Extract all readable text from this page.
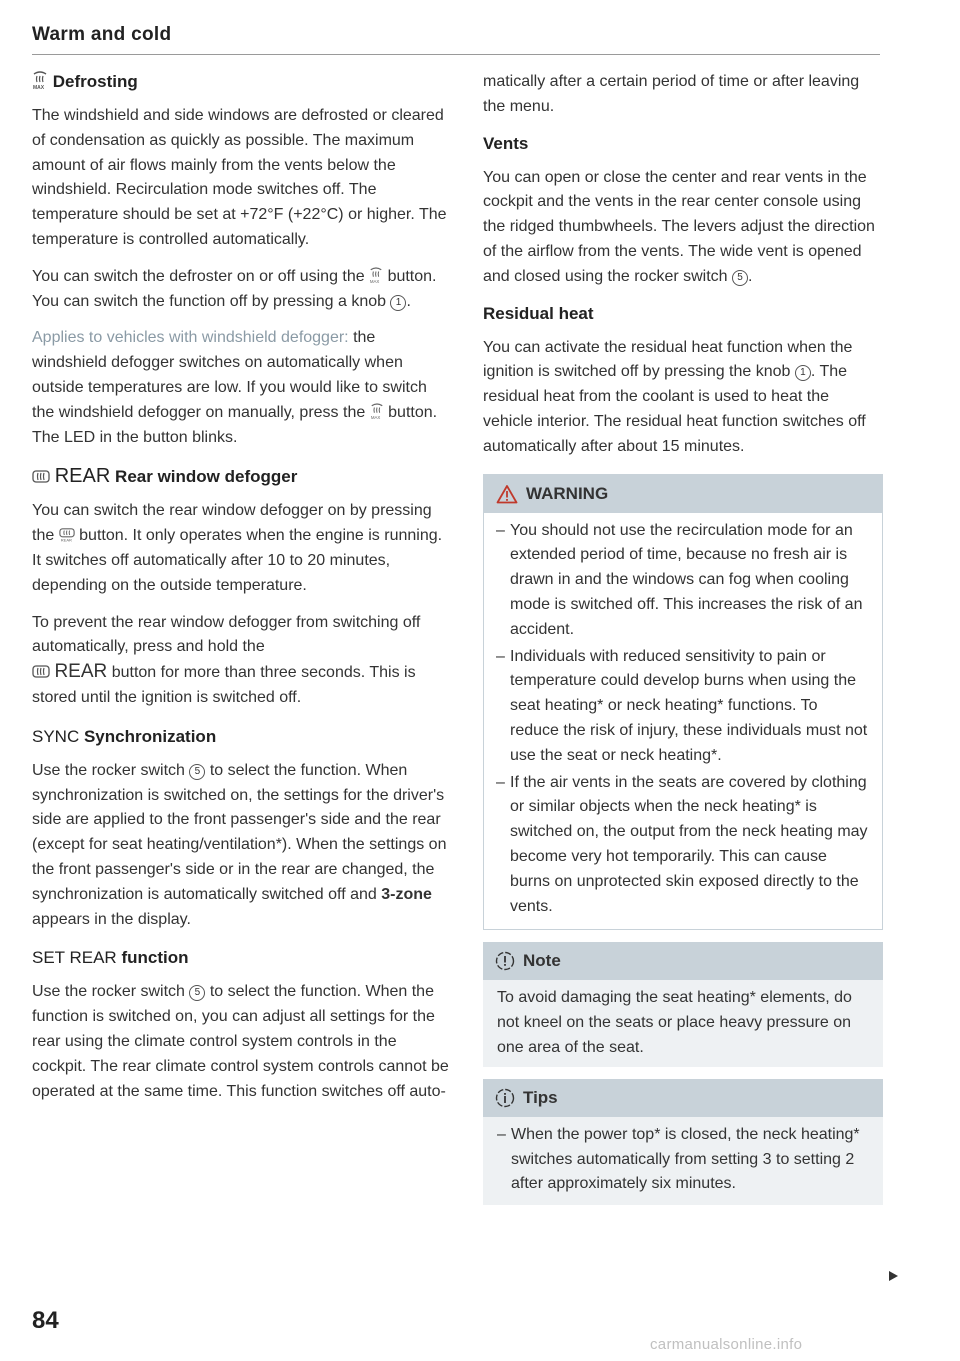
Warm and cold
MAX Defrosting

The windshield and side windows are defrosted or cleared of condensation as quickly as possible. The maximum amount of air flows mainly from the vents below the windshield. Recirculation mode switches off. The temperature should be set at +72°F (+22°C) or higher. The temperature is controlled automatically.

You can switch the defroster on or off using the MAX button. You can switch the function off by pressing a knob 1 .

Applies to vehicles with windshield defogger: the windshield defogger switches on automatically when outside temperatures are low. If you would like to switch the windshield defogger on manually, press the MAX button. The LED in the button blinks.

REAR Rear window defogger

You can switch the rear window defogger on by pressing the REAR button. It only operates when the engine is running. It switches off automatically after 10 to 20 minutes, depending on the outside temperature.

To prevent the rear window defogger from switching off automatically, press and hold the
REAR button for more than three seconds. This is stored until the ignition is switched off.

SYNC Synchronization

Use the rocker switch 5 to select the function. When synchronization is switched on, the settings for the driver's side are applied to the front passenger's side and the rear (except for seat heating/ventilation*). When the settings on the front passenger's side or in the rear are changed, the synchronization is automatically switched off and 3-zone appears in the display.

SET REAR function

Use the rocker switch 5 to select the function. When the function is switched on, you can adjust all settings for the rear using the climate control system controls in the cockpit. The rear climate control system controls cannot be operated at the same time. This function switches off auto-

matically after a certain period of time or after leaving the menu.

Vents

You can open or close the center and rear vents in the cockpit and the vents in the rear center console using the ridged thumbwheels. The levers adjust the direction of the airflow from the vents. The wide vent is opened and closed using the rocker switch 5 .

Residual heat

You can activate the residual heat function when the ignition is switched off by pressing the knob 1 . The residual heat from the coolant is used to heat the vehicle interior. The residual heat function switches off automatically after about 15 minutes.

WARNING
– You should not use the recirculation mode for an extended period of time, because no fresh air is drawn in and the windows can fog when cooling mode is switched off. This increases the risk of an accident.
– Individuals with reduced sensitivity to pain or temperature could develop burns when using the seat heating* or neck heating* functions. To reduce the risk of injury, these individuals must not use the seat or neck heating*.
– If the air vents in the seats are covered by clothing or similar objects when the neck heating* is switched on, the output from the neck heating may become very hot temporarily. This can cause burns on unprotected skin exposed directly to the vents.
Note

To avoid damaging the seat heating* elements, do not kneel on the seats or place heavy pressure on one area of the seat.

Tips
– When the power top* is closed, the neck heating* switches automatically from setting 3 to setting 2 after approximately six minutes.
84
carmanualsonline.info
